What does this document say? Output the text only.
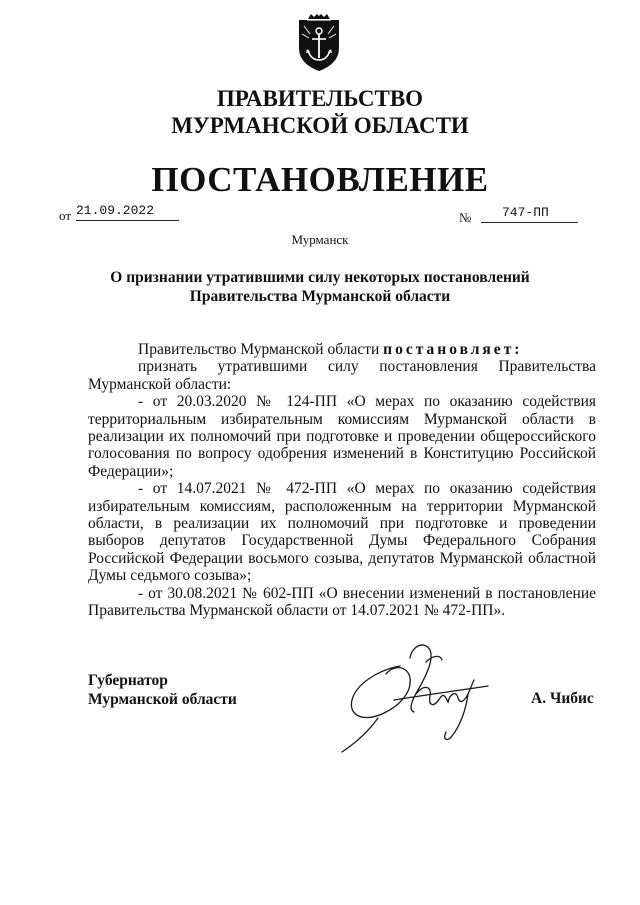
ПРАВИТЕЛЬСТВО
МУРМАНСКОЙ ОБЛАСТИ
ПОСТАНОВЛЕНИЕ
от 21.09.2022	№ 747-ПП
Мурманск
О признании утратившими силу некоторых постановлений
Правительства Мурманской области

Правительство Мурманской области постановляет:

признать утратившими силу постановления Правительства Мурманской области:

- от 20.03.2020 № 124-ПП «О мерах по оказанию содействия территориальным избирательным комиссиям Мурманской области в реализации их полномочий при подготовке и проведении общероссийского голосования по вопросу одобрения изменений в Конституцию Российской Федерации»;

- от 14.07.2021 № 472-ПП «О мерах по оказанию содействия избирательным комиссиям, расположенным на территории Мурманской области, в реализации их полномочий при подготовке и проведении выборов депутатов Государственной Думы Федерального Собрания Российской Федерации восьмого созыва, депутатов Мурманской областной Думы седьмого созыва»;

- от 30.08.2021 № 602-ПП «О внесении изменений в постановление Правительства Мурманской области от 14.07.2021 № 472-ПП».

Губернатор
Мурманской области	А. Чибис
